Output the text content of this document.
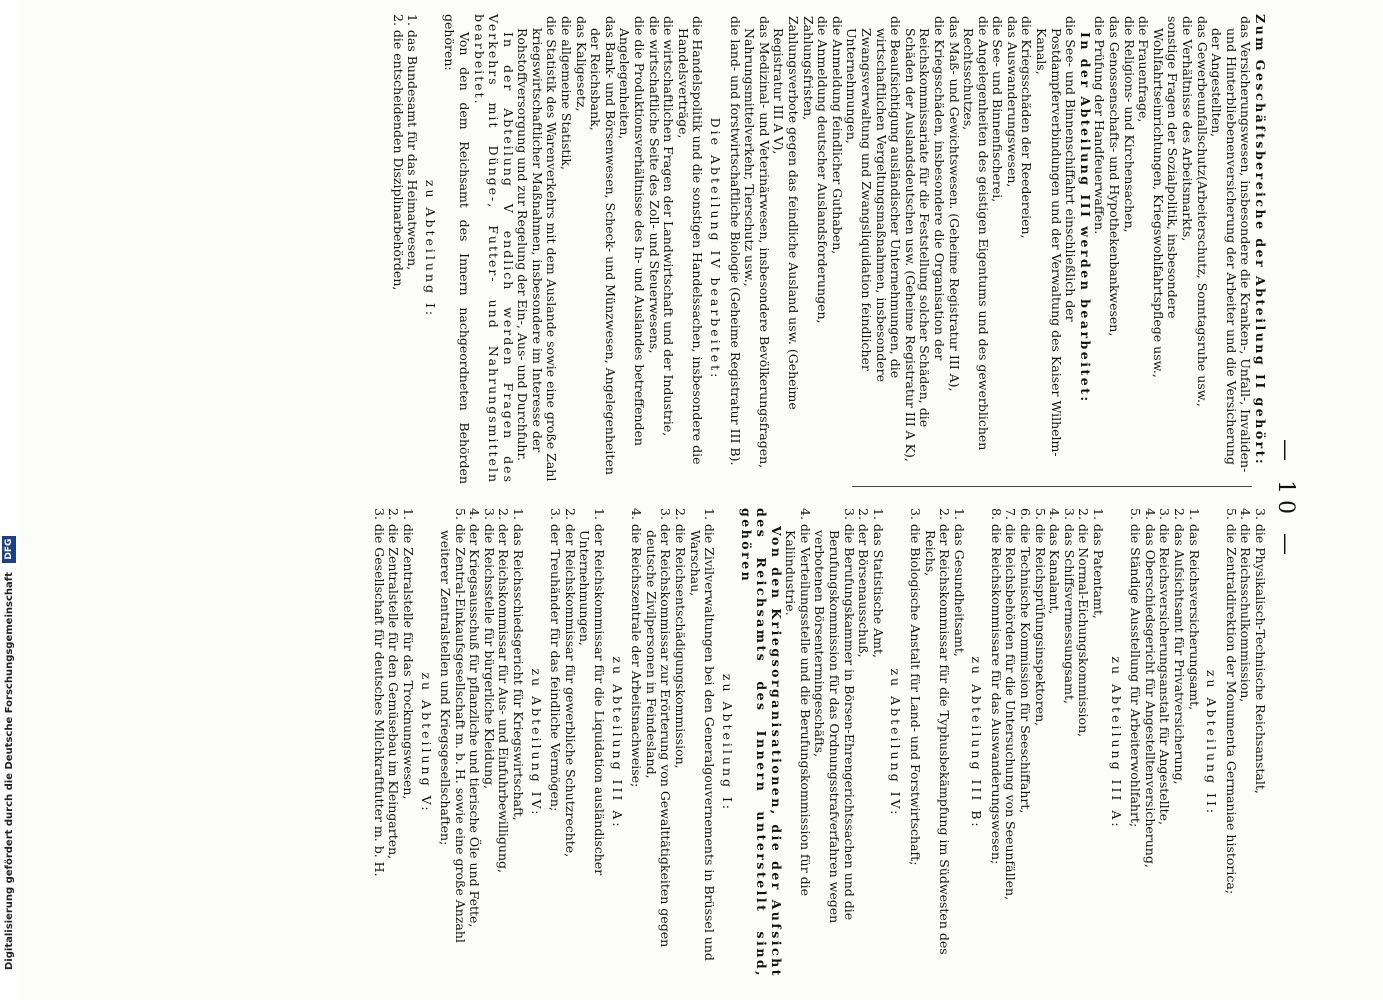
— 10 —

Zum Geschäftsbereiche der Abteilung II gehört:

das Versicherungswesen, insbesondere die Kranken-, Unfall-, Invaliden- und Hinterbliebenenversicherung der Arbeiter und die Versicherung der Angestellten,

das Gewerbeunfallschutz(Arbeiterschutz, Sonntagsruhe usw.,

die Verhältnisse des Arbeitsmarkts,

sonstige Fragen der Sozialpolitik, insbesondere Wohlfahrtseinrichtungen, Kriegswohlfahrtspflege usw.,

die Frauenfrage,

die Religions- und Kirchensachen,

das Genossenschafts- und Hypothekenbankwesen,

die Prüfung der Handfeuerwaffen.

In der Abteilung III werden bearbeitet:

die See- und Binnenschiffahrt einschließlich der Postdampferverbindungen und der Verwaltung des Kaiser Wilhelm-Kanals,

die Kriegsschäden der Reedereien,

das Auswanderungswesen,

die See- und Binnenfischerei,

die Angelegenheiten des geistigen Eigentums und des gewerblichen Rechtsschutzes,

das Maß- und Gewichtswesen. (Geheime Registratur III A),

die Kriegsschäden, insbesondere die Organisation der Reichskommissariate für die Feststellung solcher Schäden, die Schäden der Auslandsdeutschen usw. (Geheime Registratur III A K),

die Beaufsichtigung ausländischer Unternehmungen, die wirtschaftlichen Vergeltungsmaßnahmen, insbesondere Zwangsverwaltung und Zwangsliquidation feindlicher Unternehmungen,

die Anmeldung feindlicher Guthaben,

die Anmeldung deutscher Auslandsforderungen,

Zahlungsfristen,

Zahlungsverbote gegen das feindliche Ausland usw. (Geheime Registratur III A V),

das Medizinal- und Veterinärwesen, insbesondere Bevölkerungsfragen, Nahrungsmittelverkehr, Tierschutz usw.,

die land- und forstwirtschaftliche Biologie (Geheime Registratur III B).

Die Abteilung IV bearbeitet:

die Handelspolitik und die sonstigen Handelssachen, insbesondere die Handelsverträge,

die wirtschaftlichen Fragen der Landwirtschaft und der Industrie,

die wirtschaftliche Seite des Zoll- und Steuerwesens,

die die Produktionsverhältnisse des In- und Auslandes betreffenden Angelegenheiten,

das Bank- und Börsenwesen, Scheck- und Münzwesen, Angelegenheiten der Reichsbank,

das Kaligesetz,

die allgemeine Statistik,

die Statistik des Warenverkehrs mit dem Auslande sowie eine große Zahl kriegswirtschaftlicher Maßnahmen, insbesondere im Interesse der Rohstoffversorgung und zur Regelung der Ein-, Aus- und Durchfuhr.

In der Abteilung V endlich werden Fragen des Verkehrs mit Dünge-, Futter- und Nahrungsmitteln bearbeitet.

Von den dem Reichsamt des Innern nachgeordneten Behörden gehören:

zu Abteilung I:

1. das Bundesamt für das Heimatwesen,

2. die entscheidenden Disziplinarbehörden,

3. die Physikalisch-Technische Reichsanstalt,

4. die Reichsschulkommission,

5. die Zentraldirektion der Monumenta Germaniae historica;

zu Abteilung II:

1. das Reichsversicherungsamt,

2. das Aufsichtsamt für Privatversicherung,

3. die Reichsversicherungsanstalt für Angestellte,

4. das Oberschiedsgericht für Angestelltenversicherung,

5. die Ständige Ausstellung für Arbeiterwohlfahrt;

zu Abteilung III A:

1. das Patentamt,

2. die Normal-Eichungskommission,

3. das Schiffsvermessungsamt,

4. das Kanalamt,

5. die Reichsprüfungsinspektoren,

6. die Technische Kommission für Seeschiffahrt,

7. die Reichsbehörden für die Untersuchung von Seeunfällen,

8. die Reichskommissare für das Auswanderungswesen;

zu Abteilung III B:

1. das Gesundheitsamt,

2. der Reichskommissar für die Typhusbekämpfung im Südwesten des Reichs,

3. die Biologische Anstalt für Land- und Forstwirtschaft;

zu Abteilung IV:

1. das Statistische Amt,

2. der Börsenausschuß,

3. die Berufungskammer in Börsen-Ehrengerichtssachen und die Berufungskommission für das Ordnungsstrafverfahren wegen verbotenen Börsentermingeschäfts,

4. die Verteilungsstelle und die Berufungskommission für die Kaliindustrie.

Von den Kriegsorganisationen, die der Aufsicht des Reichsamts des Innern unterstellt sind, gehören

zu Abteilung I:

1. die Zivilverwaltungen bei den Generalgouvernements in Brüssel und Warschau,

2. die Reichsentschädigungskommission,

3. der Reichskommissar zur Erörterung von Gewalttätigkeiten gegen deutsche Zivilpersonen in Feindesland,

4. die Reichszentrale der Arbeitsnachweise;

zu Abteilung III A:

1. der Reichskommissar für die Liquidation ausländischer Unternehmungen,

2. der Reichskommissar für gewerbliche Schutzrechte,

3. der Treuhänder für das feindliche Vermögen;

zu Abteilung IV:

1. das Reichsschiedsgericht für Kriegswirtschaft,

2. der Reichskommissar für Aus- und Einfuhrbewilligung,

3. die Reichsstelle für bürgerliche Kleidung,

4. der Kriegsausschuß für pflanzliche und tierische Öle und Fette,

5. die Zentral-Einkaufsgesellschaft m. b. H. sowie eine große Anzahl weiterer Zentralstellen und Kriegsgesellschaften;

zu Abteilung V:

1. die Zentralstelle für das Trocknungswesen,

2. die Zentralstelle für den Gemüsebau im Kleingarten,

3. die Gesellschaft für deutsches Milchkraftfutter m. b. H.

Digitalisierung gefördert durch die Deutsche Forschungsgemeinschaft DFG
